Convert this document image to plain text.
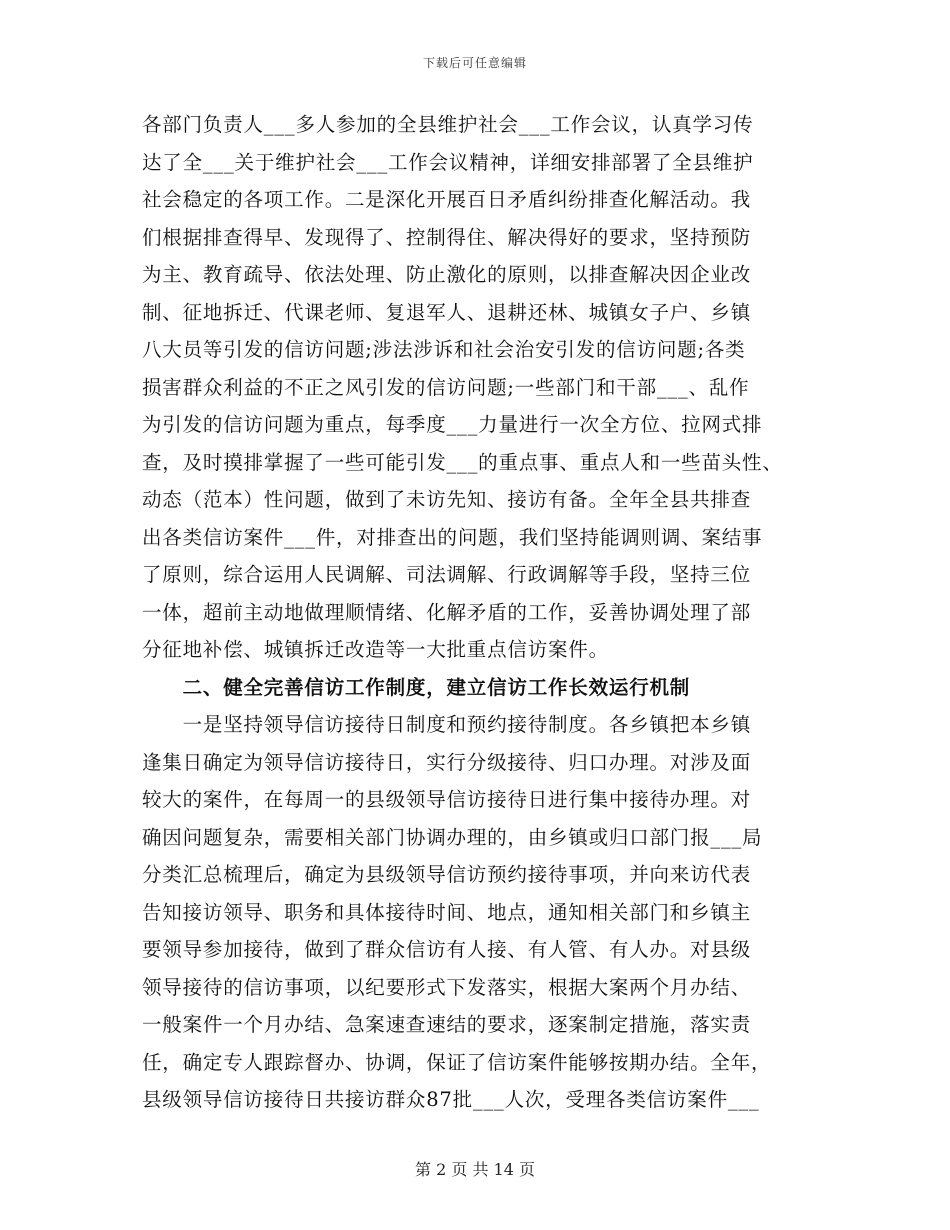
下载后可任意编辑
各部门负责人___多人参加的全县维护社会___工作会议，认真学习传
达了全___关于维护社会___工作会议精神，详细安排部署了全县维护
社会稳定的各项工作。二是深化开展百日矛盾纠纷排查化解活动。我
们根据排查得早、发现得了、控制得住、解决得好的要求，坚持预防
为主、教育疏导、依法处理、防止激化的原则，以排查解决因企业改
制、征地拆迁、代课老师、复退军人、退耕还林、城镇女子户、乡镇
八大员等引发的信访问题;涉法涉诉和社会治安引发的信访问题;各类
损害群众利益的不正之风引发的信访问题;一些部门和干部___、乱作
为引发的信访问题为重点，每季度___力量进行一次全方位、拉网式排
查，及时摸排掌握了一些可能引发___的重点事、重点人和一些苗头性、
动态（范本）性问题，做到了未访先知、接访有备。全年全县共排查
出各类信访案件___件，对排查出的问题，我们坚持能调则调、案结事
了原则，综合运用人民调解、司法调解、行政调解等手段，坚持三位
一体，超前主动地做理顺情绪、化解矛盾的工作，妥善协调处理了部
分征地补偿、城镇拆迁改造等一大批重点信访案件。
　　二、健全完善信访工作制度，建立信访工作长效运行机制
　　一是坚持领导信访接待日制度和预约接待制度。各乡镇把本乡镇
逢集日确定为领导信访接待日，实行分级接待、归口办理。对涉及面
较大的案件，在每周一的县级领导信访接待日进行集中接待办理。对
确因问题复杂，需要相关部门协调办理的，由乡镇或归口部门报___局
分类汇总梳理后，确定为县级领导信访预约接待事项，并向来访代表
告知接访领导、职务和具体接待时间、地点，通知相关部门和乡镇主
要领导参加接待，做到了群众信访有人接、有人管、有人办。对县级
领导接待的信访事项，以纪要形式下发落实，根据大案两个月办结、
一般案件一个月办结、急案速查速结的要求，逐案制定措施，落实责
任，确定专人跟踪督办、协调，保证了信访案件能够按期办结。全年，
县级领导信访接待日共接访群众87批___人次，受理各类信访案件___
第 2 页 共 14 页
